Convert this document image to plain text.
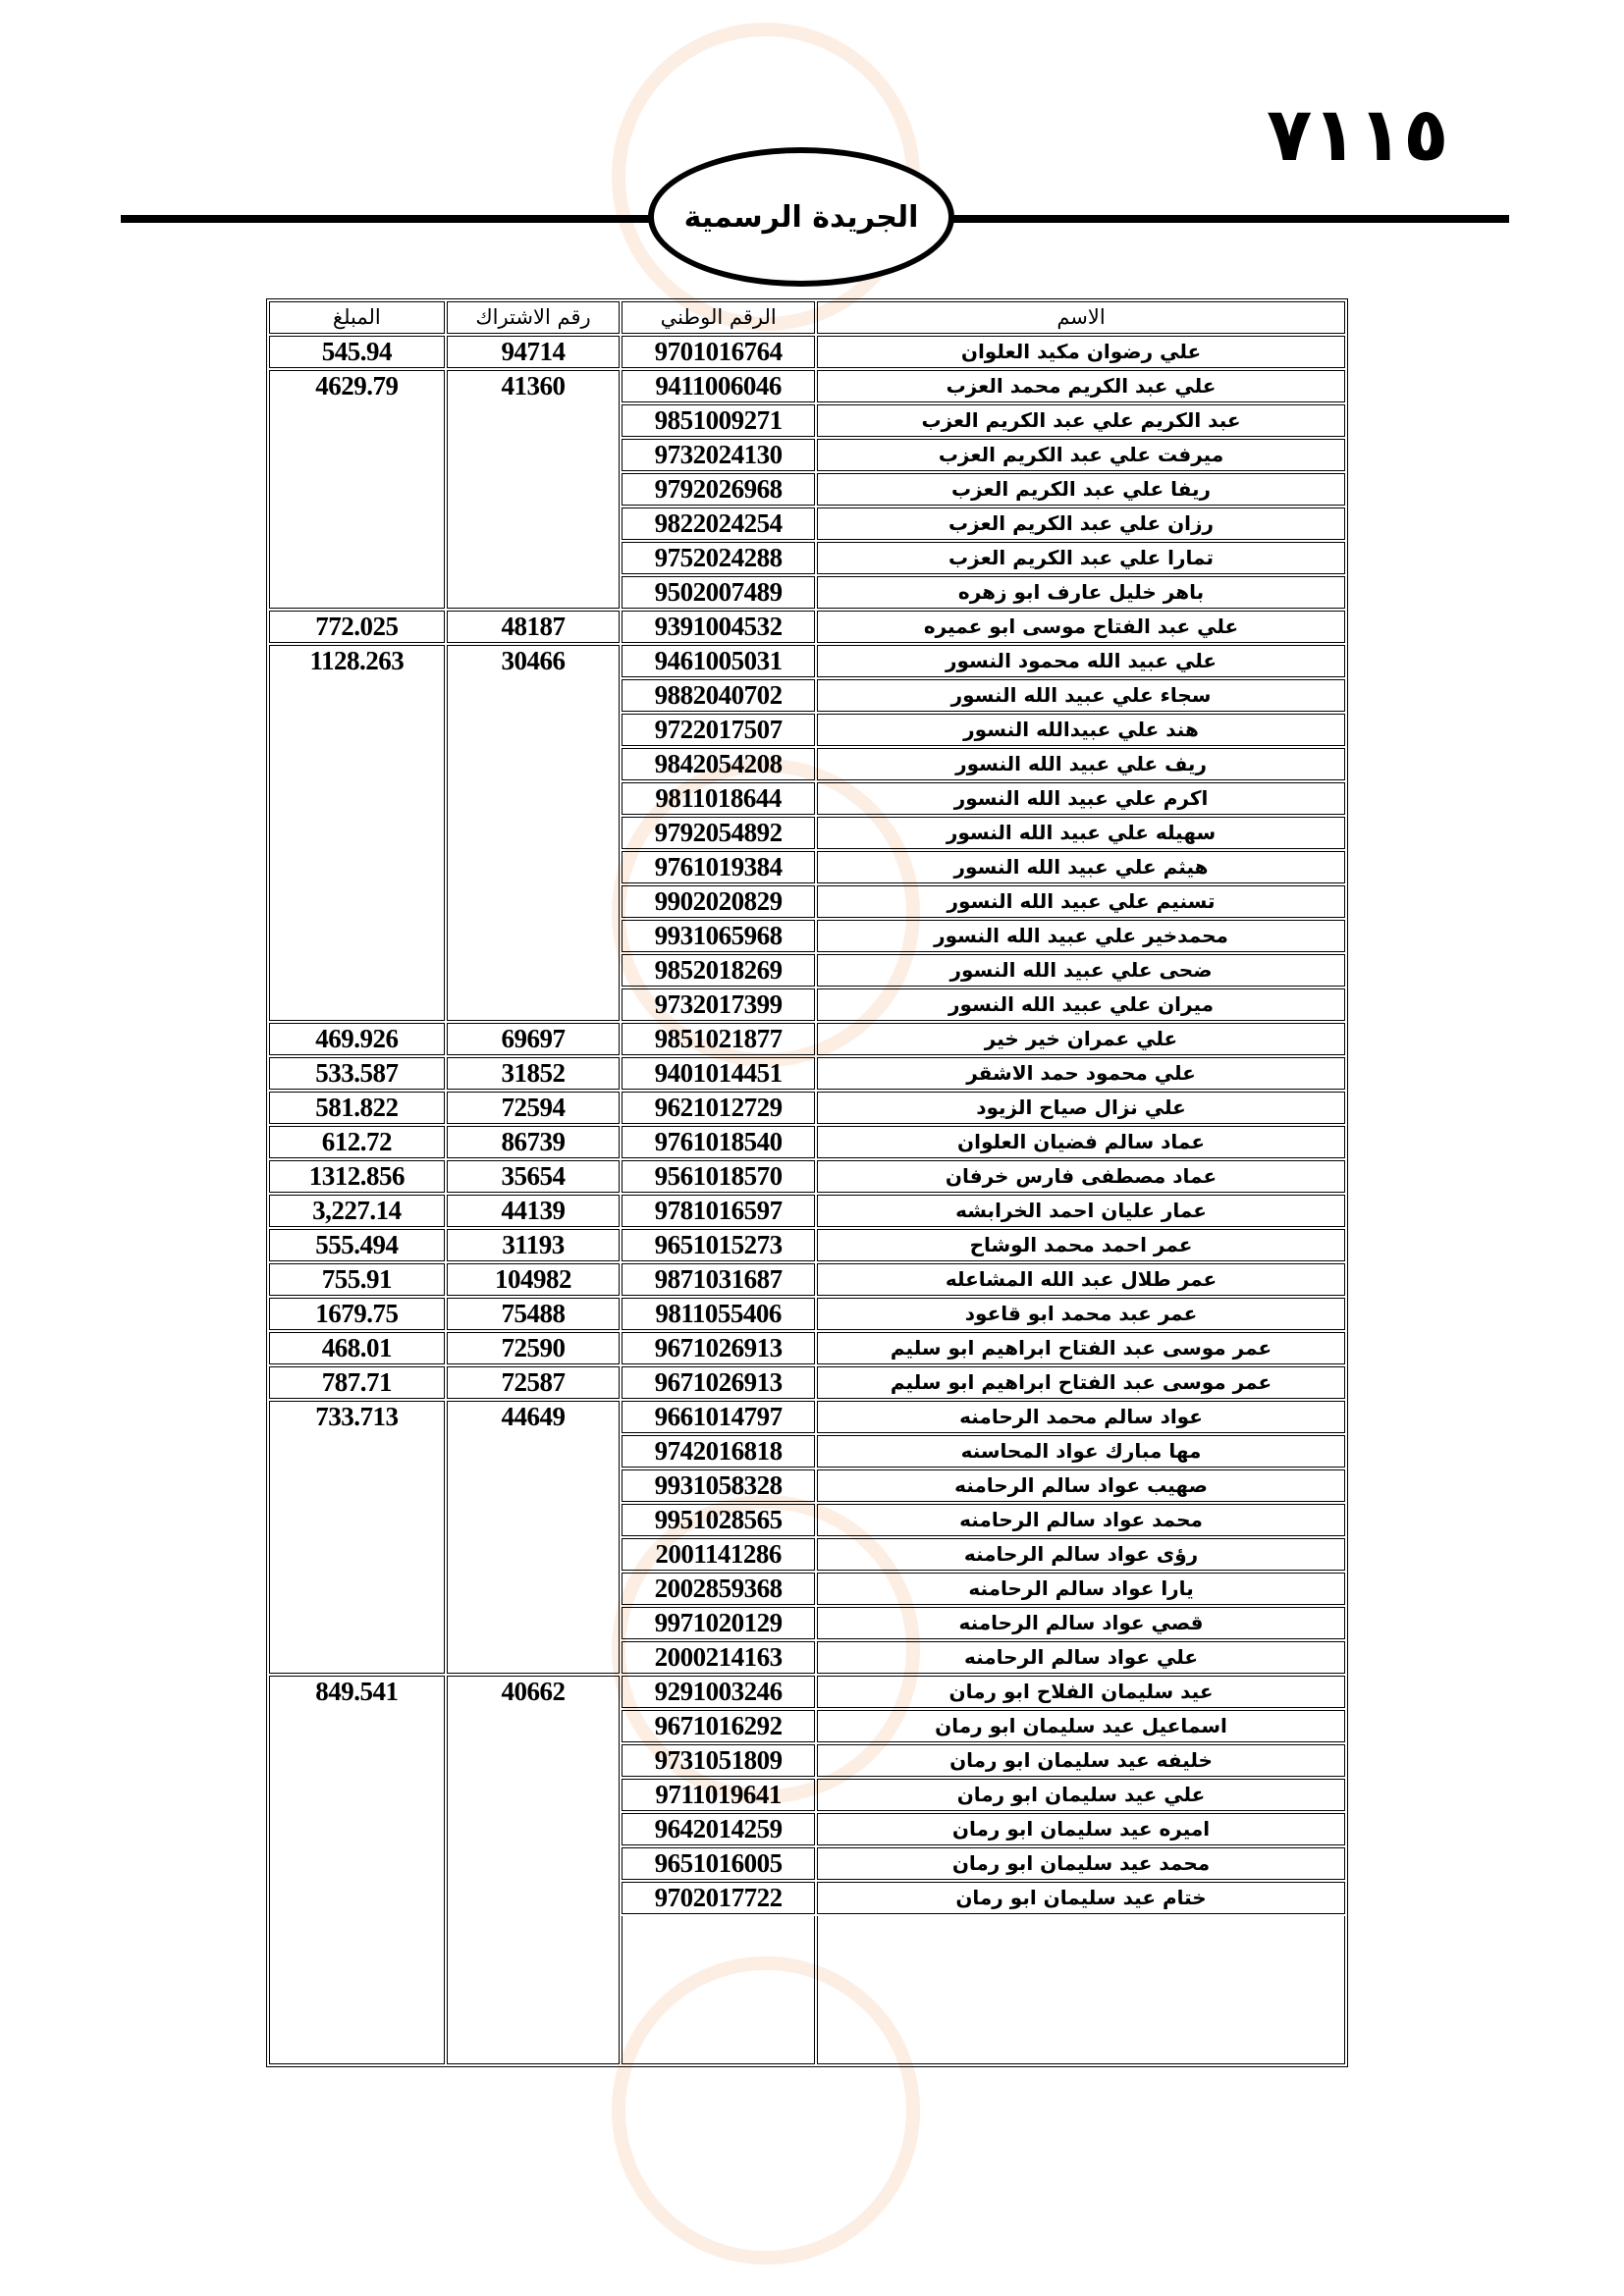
٧١١٥
الجريدة الرسمية
الاسم	الرقم الوطني	رقم الاشتراك	المبلغ
علي رضوان مكيد العلوان	9701016764	94714	545.94
علي عبد الكريم محمد العزب	9411006046	41360	4629.79
عبد الكريم علي عبد الكريم العزب	9851009271		
ميرفت علي عبد الكريم العزب	9732024130		
ريفا علي عبد الكريم العزب	9792026968		
رزان علي عبد الكريم العزب	9822024254		
تمارا علي عبد الكريم العزب	9752024288		
باهر خليل عارف ابو زهره	9502007489		
علي عبد الفتاح موسى ابو عميره	9391004532	48187	772.025
علي عبيد الله محمود النسور	9461005031	30466	1128.263
سجاء علي عبيد الله النسور	9882040702		
هند علي عبيدالله النسور	9722017507		
ريف علي عبيد الله النسور	9842054208		
اكرم علي عبيد الله النسور	9811018644		
سهيله علي عبيد الله النسور	9792054892		
هيثم علي عبيد الله النسور	9761019384		
تسنيم علي عبيد الله النسور	9902020829		
محمدخير علي عبيد الله النسور	9931065968		
ضحى علي عبيد الله النسور	9852018269		
ميران علي عبيد الله النسور	9732017399		
علي عمران خير خير	9851021877	69697	469.926
علي محمود حمد الاشقر	9401014451	31852	533.587
علي نزال صياح الزيود	9621012729	72594	581.822
عماد سالم فضيان العلوان	9761018540	86739	612.72
عماد مصطفى فارس خرفان	9561018570	35654	1312.856
عمار عليان احمد الخرابشه	9781016597	44139	3,227.14
عمر احمد محمد الوشاح	9651015273	31193	555.494
عمر طلال عبد الله المشاعله	9871031687	104982	755.91
عمر عبد محمد ابو قاعود	9811055406	75488	1679.75
عمر موسى عبد الفتاح ابراهيم ابو سليم	9671026913	72590	468.01
عمر موسى عبد الفتاح ابراهيم ابو سليم	9671026913	72587	787.71
عواد سالم محمد الرحامنه	9661014797	44649	733.713
مها مبارك عواد المحاسنه	9742016818		
صهيب عواد سالم الرحامنه	9931058328		
محمد عواد سالم الرحامنه	9951028565		
رؤى عواد سالم الرحامنه	2001141286		
يارا عواد سالم الرحامنه	2002859368		
قصي عواد سالم الرحامنه	9971020129		
علي عواد سالم الرحامنه	2000214163		
عيد سليمان الفلاح ابو رمان	9291003246	40662	849.541
اسماعيل عيد سليمان ابو رمان	9671016292		
خليفه عيد سليمان ابو رمان	9731051809		
علي عيد سليمان ابو رمان	9711019641		
اميره عيد سليمان ابو رمان	9642014259		
محمد عيد سليمان ابو رمان	9651016005		
ختام عيد سليمان ابو رمان	9702017722		
